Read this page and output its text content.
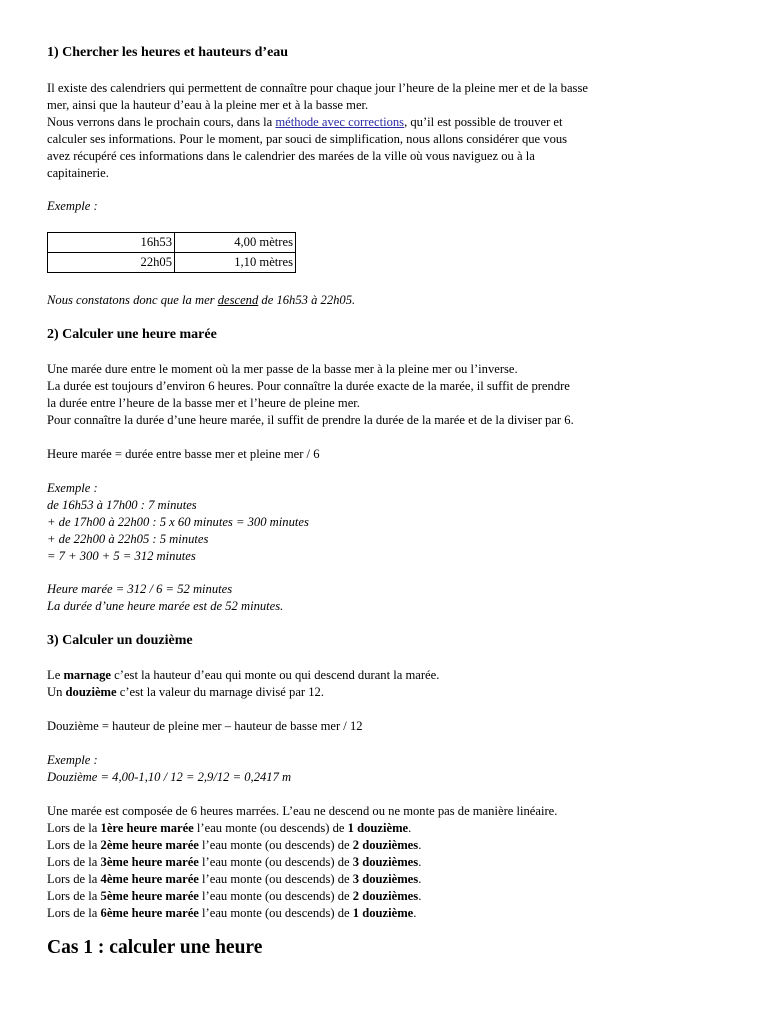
1) Chercher les heures et hauteurs d’eau
Il existe des calendriers qui permettent de connaître pour chaque jour l’heure de la pleine mer et de la basse
mer, ainsi que la hauteur d’eau à la pleine mer et à la basse mer.
Nous verrons dans le prochain cours, dans la méthode avec corrections, qu’il est possible de trouver et
calculer ses informations. Pour le moment, par souci de simplification, nous allons considérer que vous
avez récupéré ces informations dans le calendrier des marées de la ville où vous naviguez ou à la
capitainerie.
Exemple :
16h53	4,00 mètres
22h05	1,10 mètres
Nous constatons donc que la mer descend de 16h53 à 22h05.
2) Calculer une heure marée
Une marée dure entre le moment où la mer passe de la basse mer à la pleine mer ou l’inverse.
La durée est toujours d’environ 6 heures. Pour connaître la durée exacte de la marée, il suffit de prendre
la durée entre l’heure de la basse mer et l’heure de pleine mer.
Pour connaître la durée d’une heure marée, il suffit de prendre la durée de la marée et de la diviser par 6.
Heure marée = durée entre basse mer et pleine mer / 6
Exemple :
de 16h53 à 17h00 : 7 minutes
+ de 17h00 à 22h00 : 5 x 60 minutes = 300 minutes
+ de 22h00 à 22h05 : 5 minutes
= 7 + 300 + 5 = 312 minutes
Heure marée = 312 / 6 = 52 minutes
La durée d’une heure marée est de 52 minutes.
3) Calculer un douzième
Le marnage c’est la hauteur d’eau qui monte ou qui descend durant la marée.
Un douzième c’est la valeur du marnage divisé par 12.
Douzième = hauteur de pleine mer – hauteur de basse mer / 12
Exemple :
Douzième = 4,00-1,10 / 12 = 2,9/12 = 0,2417 m
Une marée est composée de 6 heures marrées. L’eau ne descend ou ne monte pas de manière linéaire.
Lors de la 1ère heure marée l’eau monte (ou descends) de 1 douzième.
Lors de la 2ème heure marée l’eau monte (ou descends) de 2 douzièmes.
Lors de la 3ème heure marée l’eau monte (ou descends) de 3 douzièmes.
Lors de la 4ème heure marée l’eau monte (ou descends) de 3 douzièmes.
Lors de la 5ème heure marée l’eau monte (ou descends) de 2 douzièmes.
Lors de la 6ème heure marée l’eau monte (ou descends) de 1 douzième.
Cas 1 : calculer une heure
